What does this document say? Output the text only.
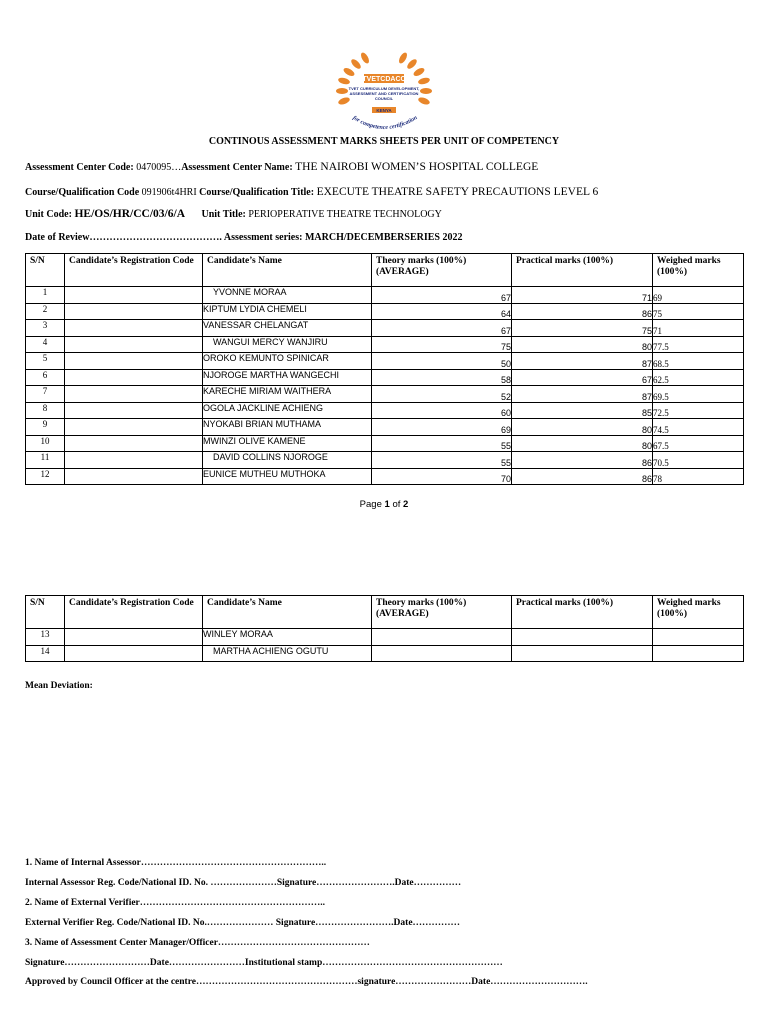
TVETCDACC
TVET CURRICULUM DEVELOPMENT,
ASSESSMENT AND CERTIFICATION
COUNCIL
KENYA
for competence certification
CONTINOUS ASSESSMENT MARKS SHEETS PER UNIT OF COMPETENCY
Assessment Center Code: 0470095…Assessment Center Name: THE NAIROBI WOMEN’S HOSPITAL COLLEGE
Course/Qualification Code 091906t4HRI Course/Qualification Title: EXECUTE THEATRE SAFETY PRECAUTIONS LEVEL 6
Unit Code: HE/OS/HR/CC/03/6/A Unit Title: PERIOPERATIVE THEATRE TECHNOLOGY
Date of Review…………………………………. Assessment series: MARCH/DECEMBERSERIES 2022
S/N	Candidate’s Registration Code	Candidate’s Name	Theory marks (100%) (AVERAGE)	Practical marks (100%)	Weighed marks (100%)
1		YVONNE MORAA	67	71	69
2		KIPTUM LYDIA CHEMELI	64	86	75
3		VANESSAR CHELANGAT	67	75	71
4		WANGUI MERCY WANJIRU	75	80	77.5
5		OROKO KEMUNTO SPINICAR	50	87	68.5
6		NJOROGE MARTHA WANGECHI	58	67	62.5
7		KARECHE MIRIAM WAITHERA	52	87	69.5
8		OGOLA JACKLINE ACHIENG	60	85	72.5
9		NYOKABI BRIAN MUTHAMA	69	80	74.5
10		MWINZI OLIVE KAMENE	55	80	67.5
11		DAVID COLLINS NJOROGE	55	86	70.5
12		EUNICE MUTHEU MUTHOKA	70	86	78
Page 1 of 2
S/N	Candidate’s Registration Code	Candidate’s Name	Theory marks (100%) (AVERAGE)	Practical marks (100%)	Weighed marks (100%)
13		WINLEY MORAA			
14		MARTHA ACHIENG OGUTU			
Mean Deviation:
1. Name of Internal Assessor…………………………………………………..
Internal Assessor Reg. Code/National ID. No. …………………Signature…………………….Date……………
2. Name of External Verifier…………………………………………………..
External Verifier Reg. Code/National ID. No.………………… Signature…………………….Date……………
3. Name of Assessment Center Manager/Officer…………………………………………
Signature………………………Date……………………Institutional stamp…………………………………………………
Approved by Council Officer at the centre……………………………………………signature……………………Date………………………….
